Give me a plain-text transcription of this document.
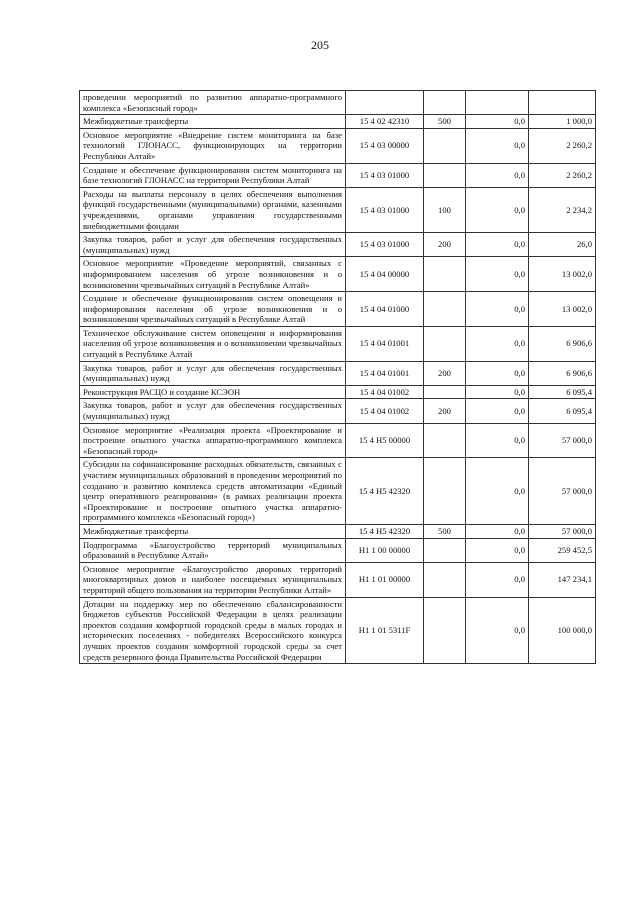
205
проведении мероприятий по развитию аппаратно-программного комплекса «Безопасный город»				
Межбюджетные трансферты	15 4 02 42310	500	0,0	1 000,0
Основное мероприятие «Внедрение систем мониторинга на базе технологий ГЛОНАСС, функционирующих на территории Республики Алтай»	15 4 03 00000		0,0	2 260,2
Создание и обеспечение функционирования систем мониторинга на базе технологий ГЛОНАСС на территории Республики Алтай	15 4 03 01000		0,0	2 260,2
Расходы на выплаты персоналу в целях обеспечения выполнения функций государственными (муниципальными) органами, казенными учреждениями, органами управления государственными внебюджетными фондами	15 4 03 01000	100	0,0	2 234,2
Закупка товаров, работ и услуг для обеспечения государственных (муниципальных) нужд	15 4 03 01000	200	0,0	26,0
Основное мероприятие «Проведение мероприятий, связанных с информированием населения об угрозе возникновения и о возникновении чрезвычайных ситуаций в Республике Алтай»	15 4 04 00000		0,0	13 002,0
Создание и обеспечение функционирования систем оповещения и информирования населения об угрозе возникновения и о возникновении чрезвычайных ситуаций в Республике Алтай	15 4 04 01000		0,0	13 002,0
Техническое обслуживание систем оповещения и информирования населения об угрозе возникновения и о возникновении чрезвычайных ситуаций в Республике Алтай	15 4 04 01001		0,0	6 906,6
Закупка товаров, работ и услуг для обеспечения государственных (муниципальных) нужд	15 4 04 01001	200	0,0	6 906,6
Реконструкция РАСЦО и создание КСЭОН	15 4 04 01002		0,0	6 095,4
Закупка товаров, работ и услуг для обеспечения государственных (муниципальных) нужд	15 4 04 01002	200	0,0	6 095,4
Основное мероприятие «Реализация проекта «Проектирование и построение опытного участка аппаратно-программного комплекса «Безопасный город»	15 4 Н5 00000		0,0	57 000,0
Субсидии на софинансирование расходных обязательств, связанных с участием муниципальных образований в проведении мероприятий по созданию и развитию комплекса средств автоматизации «Единый центр оперативного реагирования» (в рамках реализации проекта «Проектирование и построение опытного участка аппаратно-программного комплекса «Безопасный город»)	15 4 Н5 42320		0,0	57 000,0
Межбюджетные трансферты	15 4 Н5 42320	500	0,0	57 000,0
Подпрограмма «Благоустройство территорий муниципальных образований в Республике Алтай»	Н1 1 00 00000		0,0	259 452,5
Основное мероприятие «Благоустройство дворовых территорий многоквартирных домов и наиболее посещаемых муниципальных территорий общего пользования на территории Республики Алтай»	Н1 1 01 00000		0,0	147 234,1
Дотации на поддержку мер по обеспечению сбалансированности бюджетов субъектов Российской Федерации в целях реализации проектов создания комфортной городской среды в малых городах и исторических поселениях - победителях Всероссийского конкурса лучших проектов создания комфортной городской среды за счет средств резервного фонда Правительства Российской Федерации	Н1 1 01 5311F		0,0	100 000,0
